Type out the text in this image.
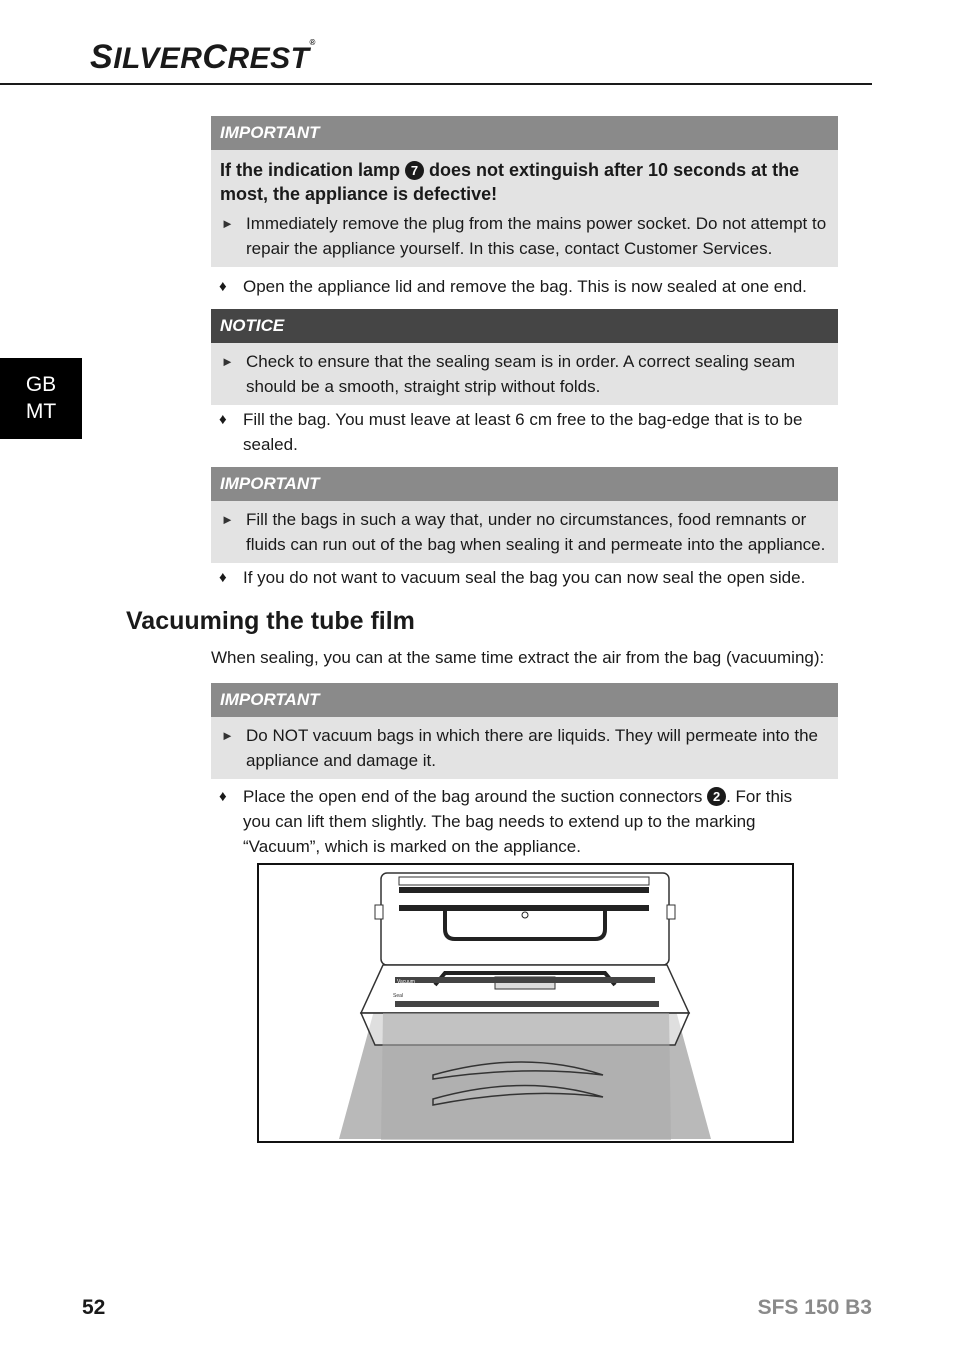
SILVERCREST®
GB
MT
IMPORTANT
If the indication lamp 7 does not extinguish after 10 seconds at the most, the appliance is defective!
► Immediately remove the plug from the mains power socket. Do not attempt to repair the appliance yourself. In this case, contact Customer Services.
♦ Open the appliance lid and remove the bag. This is now sealed at one end.
NOTICE
► Check to ensure that the sealing seam is in order. A correct sealing seam should be a smooth, straight strip without folds.
♦ Fill the bag. You must leave at least 6 cm free to the bag-edge that is to be sealed.
IMPORTANT
► Fill the bags in such a way that, under no circumstances, food remnants or fluids can run out of the bag when sealing it and permeate into the appliance.
♦ If you do not want to vacuum seal the bag you can now seal the open side.
Vacuuming the tube film
When sealing, you can at the same time extract the air from the bag (vacuuming):
IMPORTANT
► Do NOT vacuum bags in which there are liquids. They will permeate into the appliance and damage it.
♦ Place the open end of the bag around the suction connectors 2 . For this you can lift them slightly. The bag needs to extend up to the marking “Vacuum”, which is marked on the appliance.
Vacuum
Seal
52	SFS 150 B3
